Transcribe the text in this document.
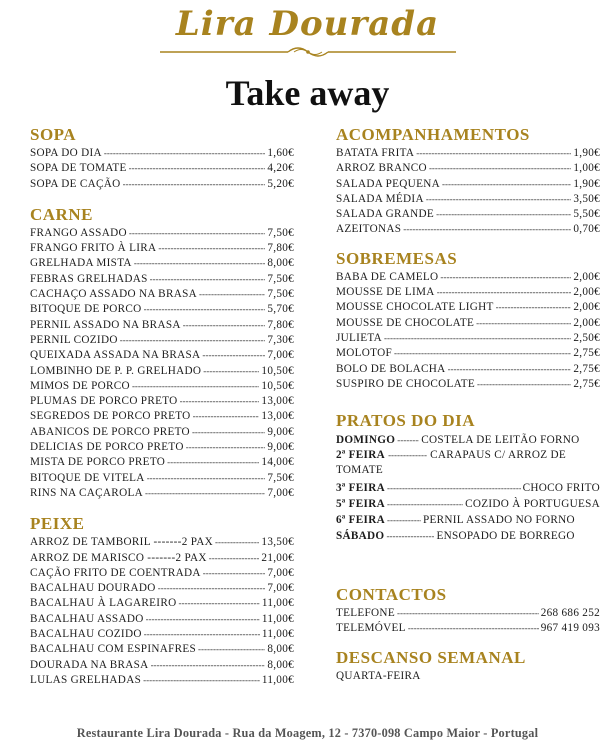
Lira Dourada
Take away
SOPA
SOPA DO DIA -----	1,60€
SOPA DE TOMATE -----	4,20€
SOPA DE CAÇÃO -----	5,20€
CARNE
FRANGO ASSADO -----	7,50€
FRANGO FRITO À LIRA -----	7,80€
GRELHADA MISTA -----	8,00€
FEBRAS GRELHADAS -----	7,50€
CACHAÇO ASSADO NA BRASA -----	7,50€
BITOQUE DE PORCO -----	5,70€
PERNIL ASSADO NA BRASA -----	7,80€
PERNIL COZIDO -----	7,30€
QUEIXADA ASSADA NA BRASA -----	7,00€
LOMBINHO DE P. P. GRELHADO -----	10,50€
MIMOS DE PORCO -----	10,50€
PLUMAS DE PORCO PRETO -----	13,00€
SEGREDOS DE PORCO PRETO -----	13,00€
ABANICOS DE PORCO PRETO -----	9,00€
DELICIAS DE PORCO PRETO -----	9,00€
MISTA DE PORCO PRETO -----	14,00€
BITOQUE DE VITELA -----	7,50€
RINS NA CAÇAROLA -----	7,00€
PEIXE
ARROZ DE TAMBORIL -------2 PAX -----	13,50€
ARROZ DE MARISCO -------2 PAX -----	21,00€
CAÇÃO FRITO DE COENTRADA -----	7,00€
BACALHAU DOURADO -----	7,00€
BACALHAU À LAGAREIRO -----	11,00€
BACALHAU ASSADO -----	11,00€
BACALHAU COZIDO -----	11,00€
BACALHAU COM ESPINAFRES -----	8,00€
DOURADA NA BRASA -----	8,00€
LULAS GRELHADAS -----	11,00€
ACOMPANHAMENTOS
BATATA FRITA -----	1,90€
ARROZ BRANCO -----	1,00€
SALADA PEQUENA -----	1,90€
SALADA MÉDIA -----	3,50€
SALADA GRANDE -----	5,50€
AZEITONAS -----	0,70€
SOBREMESAS
BABA DE CAMELO -----	2,00€
MOUSSE DE LIMA -----	2,00€
MOUSSE CHOCOLATE LIGHT -----	2,00€
MOUSSE DE CHOCOLATE -----	2,00€
JULIETA -----	2,50€
MOLOTOF -----	2,75€
BOLO DE BOLACHA -----	2,75€
SUSPIRO DE CHOCOLATE -----	2,75€
PRATOS DO DIA
DOMINGO ----- COSTELA DE LEITÃO FORNO
2ª FEIRA ------------- CARAPAUS C/ ARROZ DE TOMATE
3ª FEIRA -----	CHOCO FRITO
5ª FEIRA -----	COZIDO À PORTUGUESA
6ª FEIRA -----	PERNIL ASSADO NO FORNO
SÁBADO -----	ENSOPADO DE BORREGO
CONTACTOS
TELEFONE -----	268 686 252
TELEMÓVEL -----	967 419 093
DESCANSO SEMANAL
QUARTA-FEIRA
Restaurante Lira Dourada - Rua da Moagem, 12 - 7370-098 Campo Maior - Portugal
